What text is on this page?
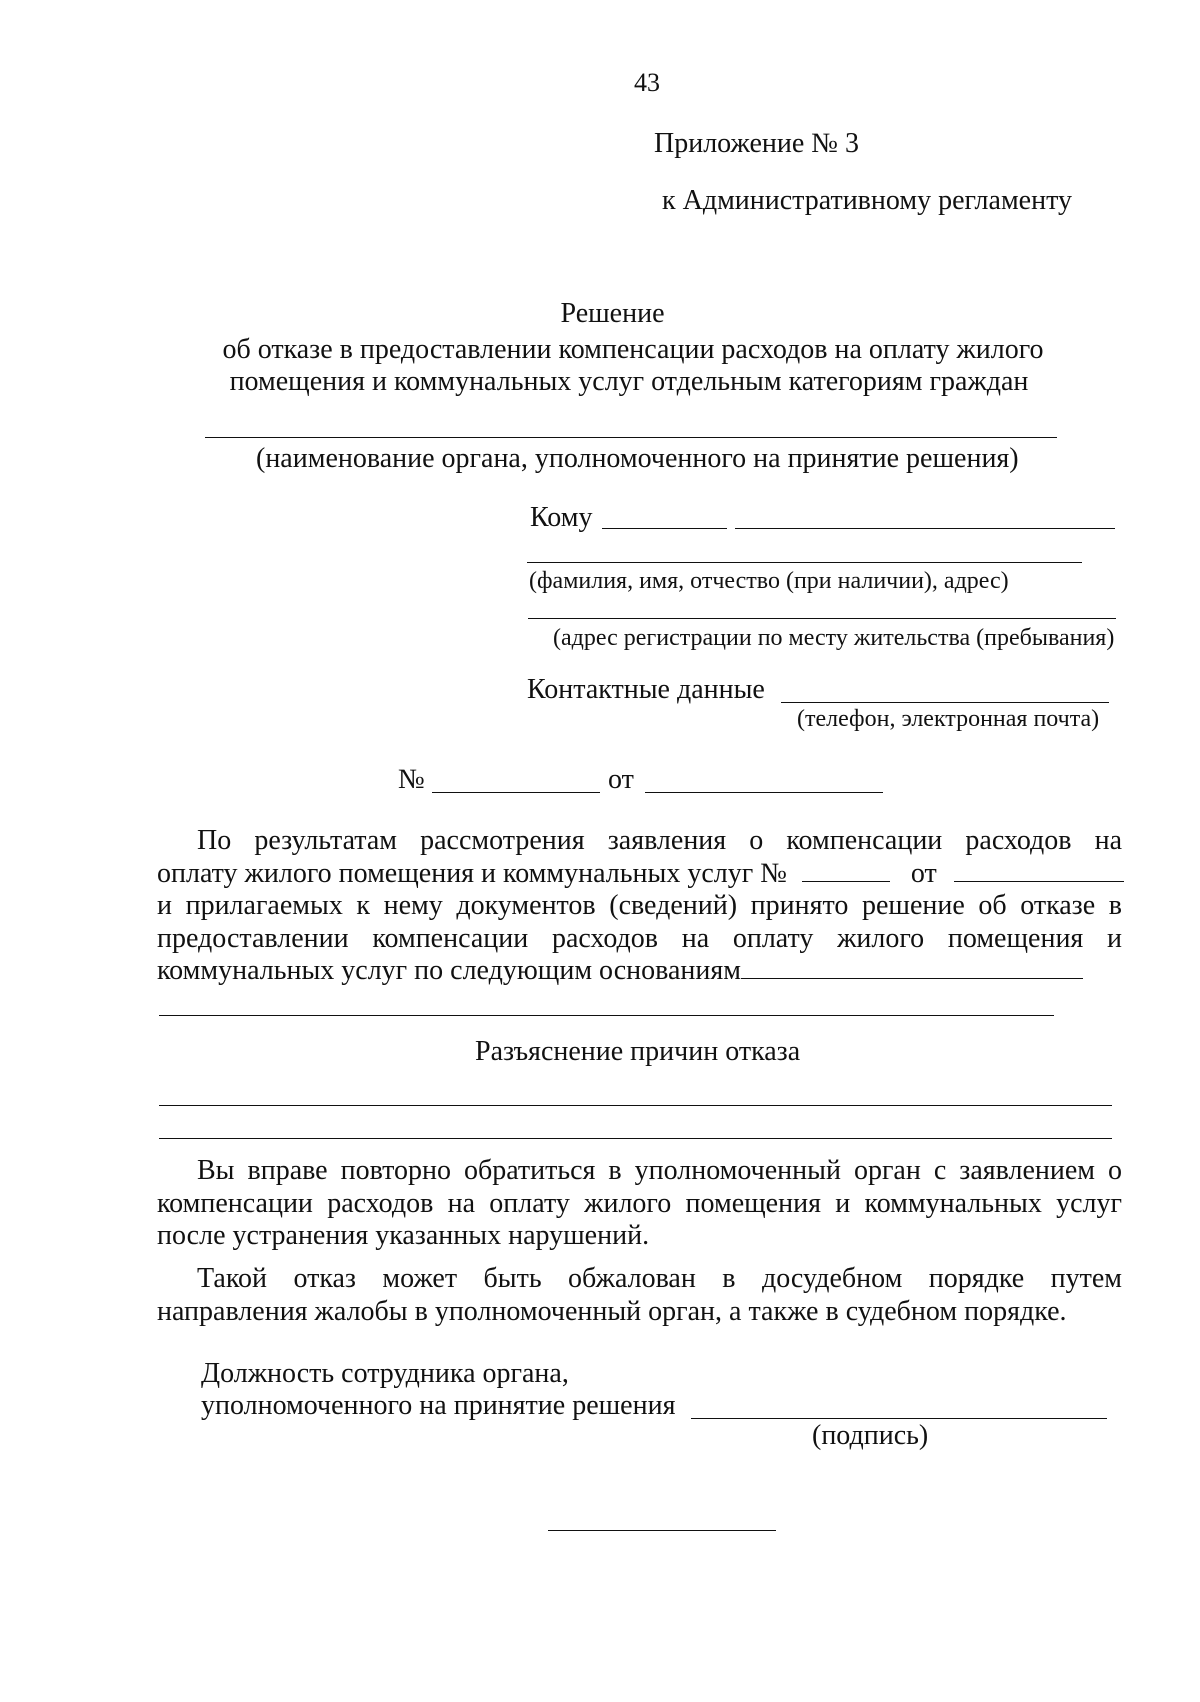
43
Приложение № 3
к Административному регламенту
Решение
об отказе в предоставлении компенсации расходов на оплату жилого
помещения и коммунальных услуг отдельным категориям граждан
(наименование органа, уполномоченного на принятие решения)
Кому
(фамилия, имя, отчество (при наличии), адрес)
(адрес регистрации по месту жительства (пребывания)
Контактные данные
(телефон, электронная почта)
№	от
По результатам рассмотрения заявления о компенсации расходов на
оплату жилого помещения и коммунальных услуг №	от
и прилагаемых к нему документов (сведений) принято решение об отказе в
предоставлении компенсации расходов на оплату жилого помещения и
коммунальных услуг по следующим основаниям
Разъяснение причин отказа
Вы вправе повторно обратиться в уполномоченный орган с заявлением о
компенсации расходов на оплату жилого помещения и коммунальных услуг
после устранения указанных нарушений.
Такой отказ может быть обжалован в досудебном порядке путем
направления жалобы в уполномоченный орган, а также в судебном порядке.
Должность сотрудника органа,
уполномоченного на принятие решения
(подпись)
